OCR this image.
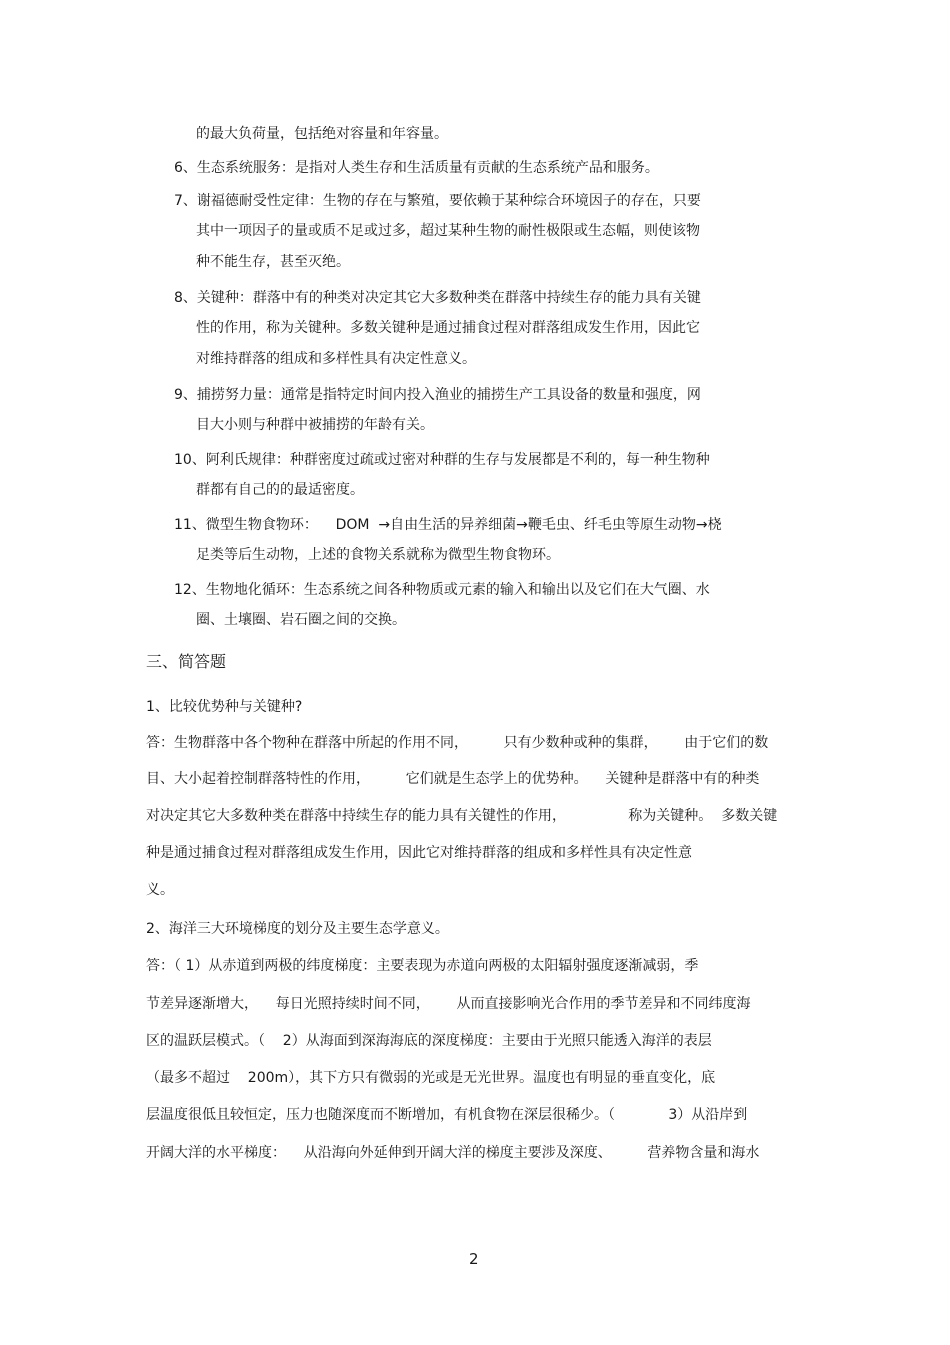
的最大负荷量，包括绝对容量和年容量。
6、生态系统服务：是指对人类生存和生活质量有贡献的生态系统产品和服务。
7、谢福德耐受性定律：生物的存在与繁殖，要依赖于某种综合环境因子的存在，只要
其中一项因子的量或质不足或过多，超过某种生物的耐性极限或生态幅，则使该物
种不能生存，甚至灭绝。
8、关键种：群落中有的种类对决定其它大多数种类在群落中持续生存的能力具有关键
性的作用，称为关键种。多数关键种是通过捕食过程对群落组成发生作用，因此它
对维持群落的组成和多样性具有决定性意义。
9、捕捞努力量：通常是指特定时间内投入渔业的捕捞生产工具设备的数量和强度，网
目大小则与种群中被捕捞的年龄有关。
10、阿利氏规律：种群密度过疏或过密对种群的生存与发展都是不利的，每一种生物种
群都有自己的的最适密度。
11、微型生物食物环：    DOM  →自由生活的异养细菌→鞭毛虫、纤毛虫等原生动物→桡
足类等后生动物，上述的食物关系就称为微型生物食物环。
12、生物地化循环：生态系统之间各种物质或元素的输入和输出以及它们在大气圈、水
圈、土壤圈、岩石圈之间的交换。
三、简答题
1、比较优势种与关键种?
答：生物群落中各个物种在群落中所起的作用不同，        只有少数种或种的集群，      由于它们的数
目、大小起着控制群落特性的作用，        它们就是生态学上的优势种。    关键种是群落中有的种类
对决定其它大多数种类在群落中持续生存的能力具有关键性的作用，              称为关键种。  多数关键
种是通过捕食过程对群落组成发生作用，因此它对维持群落的组成和多样性具有决定性意
义。
2、海洋三大环境梯度的划分及主要生态学意义。
答：（ 1）从赤道到两极的纬度梯度：主要表现为赤道向两极的太阳辐射强度逐渐减弱，季
节差异逐渐增大，    每日光照持续时间不同，      从而直接影响光合作用的季节差异和不同纬度海
区的温跃层模式。（    2）从海面到深海海底的深度梯度：主要由于光照只能透入海洋的表层
（最多不超过    200m），其下方只有微弱的光或是无光世界。温度也有明显的垂直变化，底
层温度很低且较恒定，压力也随深度而不断增加，有机食物在深层很稀少。（            3）从沿岸到
开阔大洋的水平梯度：    从沿海向外延伸到开阔大洋的梯度主要涉及深度、        营养物含量和海水
2
